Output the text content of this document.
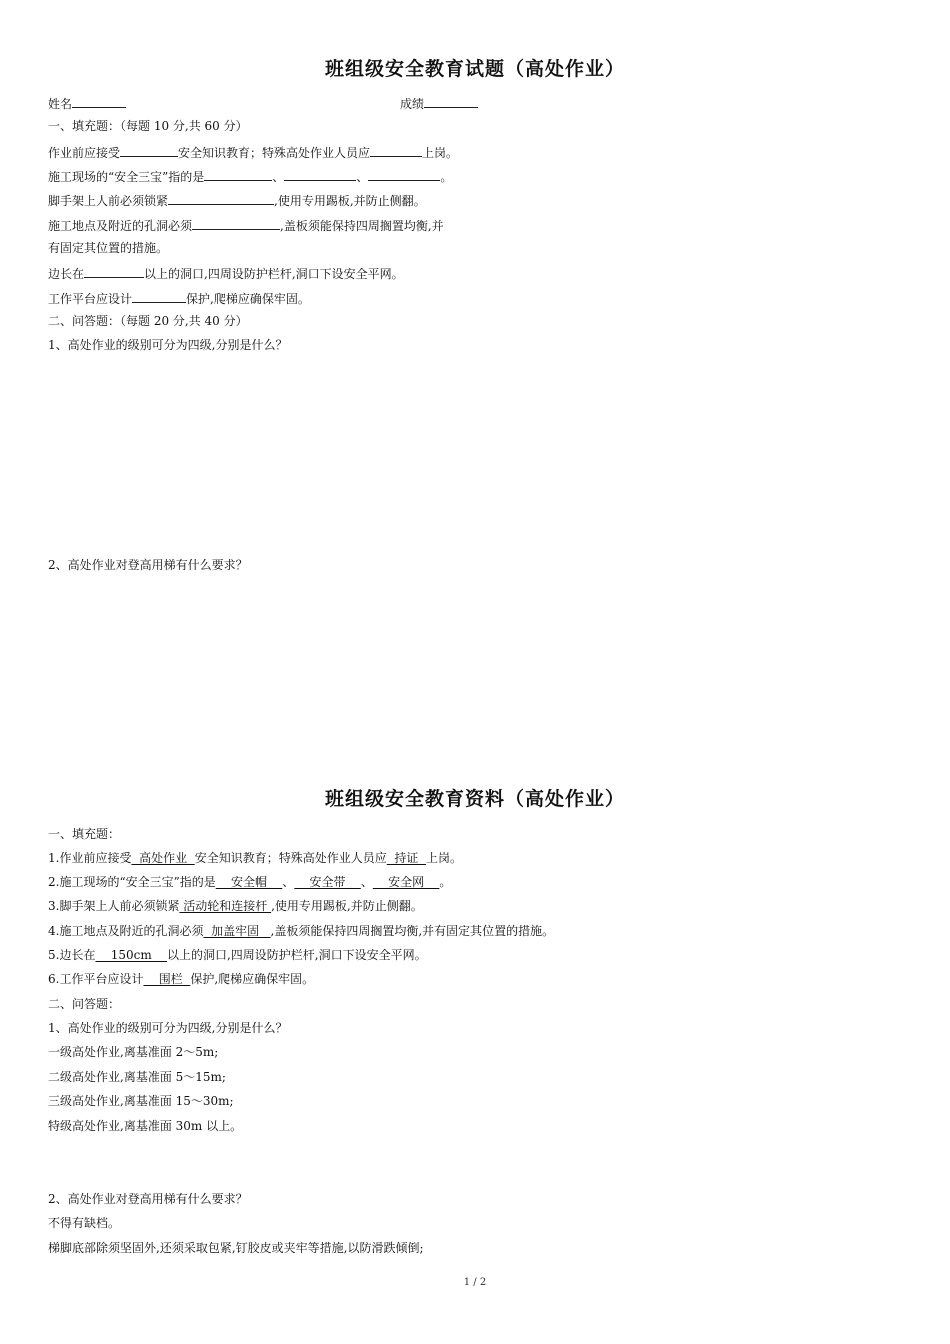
班组级安全教育试题（高处作业）
姓名	成绩
一、填充题：（每题 10 分,共 60 分）
作业前应接受	安全知识教育；特殊高处作业人员应	上岗。
施工现场的“安全三宝”指的是	、	、	。
脚手架上人前必须锁紧	,使用专用踢板,并防止侧翻。
施工地点及附近的孔洞必须	,盖板须能保持四周搁置均衡,并
有固定其位置的措施。
边长在	以上的洞口,四周设防护栏杆,洞口下设安全平网。
工作平台应设计	保护,爬梯应确保牢固。
二、问答题：（每题 20 分,共 40 分）
1、高处作业的级别可分为四级,分别是什么？
2、高处作业对登高用梯有什么要求？
班组级安全教育资料（高处作业）
一、填充题：
1.作业前应接受  高处作业  安全知识教育；特殊高处作业人员应  持证  上岗。
2.施工现场的“安全三宝”指的是    安全帽    、    安全带    、    安全网    。
3.脚手架上人前必须锁紧 活动轮和连接杆 ,使用专用踢板,并防止侧翻。
4.施工地点及附近的孔洞必须  加盖牢固   ,盖板须能保持四周搁置均衡,并有固定其位置的措施。
5.边长在    150cm    以上的洞口,四周设防护栏杆,洞口下设安全平网。
6.工作平台应设计    围栏  保护,爬梯应确保牢固。
二、问答题：
1、高处作业的级别可分为四级,分别是什么？
一级高处作业,离基准面 2～5m;
二级高处作业,离基准面 5～15m;
三级高处作业,离基准面 15～30m;
特级高处作业,离基准面 30m 以上。
2、高处作业对登高用梯有什么要求？
不得有缺档。
梯脚底部除须坚固外,还须采取包紧,钉胶皮或夹牢等措施,以防滑跌倾倒;
1 / 2
